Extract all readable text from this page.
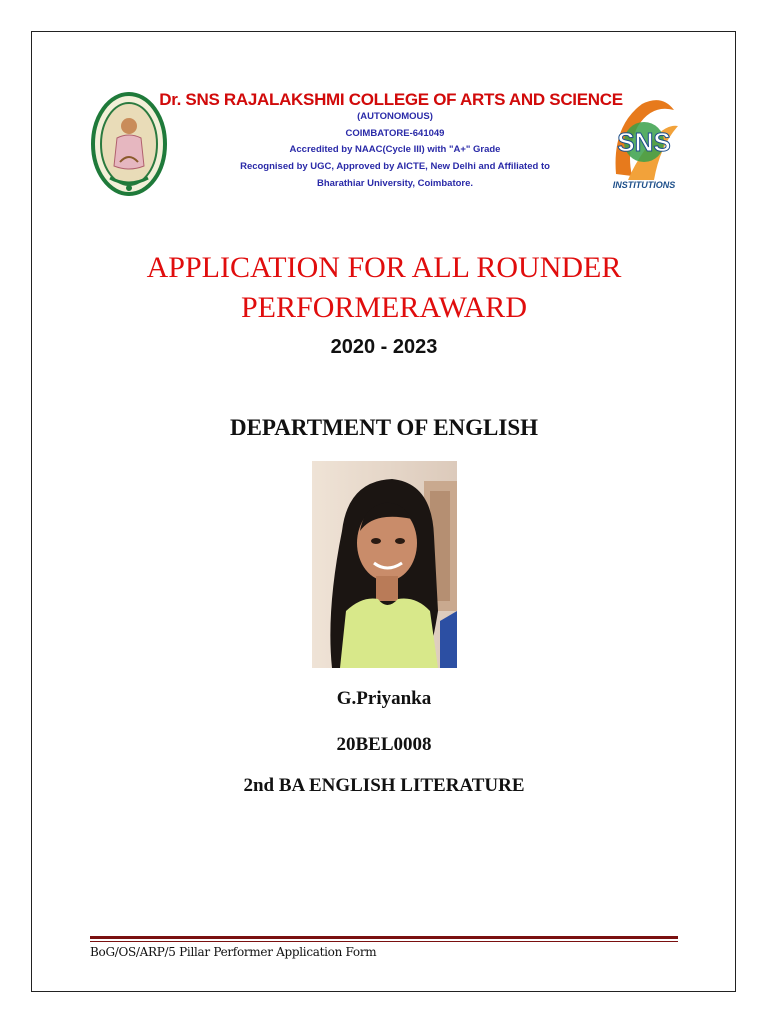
Dr. SNS RAJALAKSHMI COLLEGE OF ARTS AND SCIENCE
(AUTONOMOUS)
COIMBATORE-641049
Accredited by NAAC(Cycle III) with "A+" Grade
Recognised by UGC, Approved by AICTE, New Delhi and Affiliated to
Bharathiar University, Coimbatore.
SNS
INSTITUTIONS
APPLICATION FOR ALL ROUNDER
PERFORMERAWARD
2020 - 2023
DEPARTMENT OF ENGLISH
G.Priyanka
20BEL0008
2nd BA ENGLISH LITERATURE
BoG/OS/ARP/5 Pillar Performer Application Form
